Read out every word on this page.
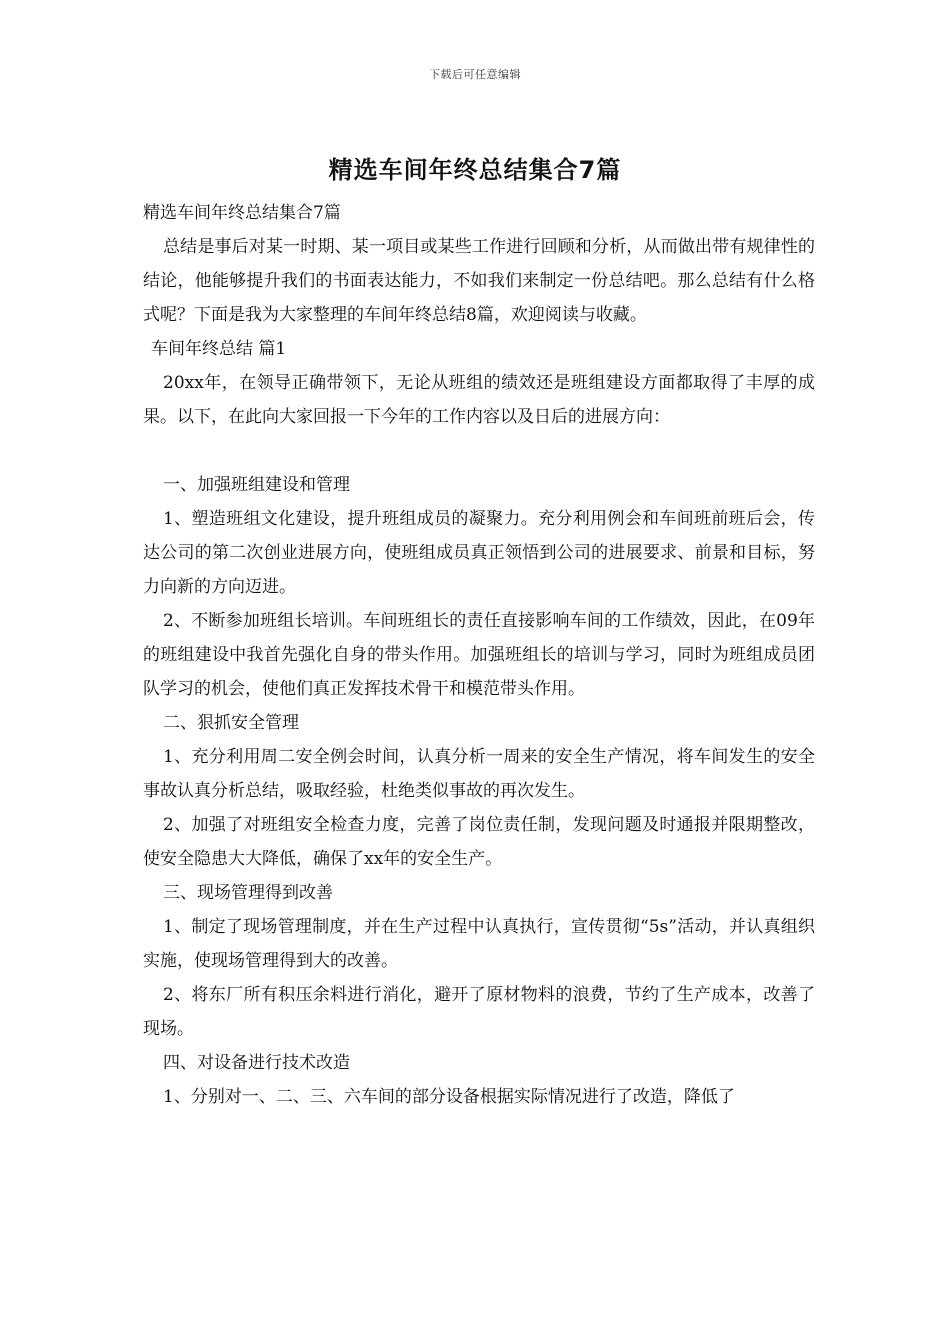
下载后可任意编辑
精选车间年终总结集合7篇

精选车间年终总结集合7篇

总结是事后对某一时期、某一项目或某些工作进行回顾和分析，从而做出带有规律性的结论，他能够提升我们的书面表达能力，不如我们来制定一份总结吧。那么总结有什么格式呢？下面是我为大家整理的车间年终总结8篇，欢迎阅读与收藏。

车间年终总结 篇1

20xx年，在领导正确带领下，无论从班组的绩效还是班组建设方面都取得了丰厚的成果。以下，在此向大家回报一下今年的工作内容以及日后的进展方向：

一、加强班组建设和管理

1、塑造班组文化建设，提升班组成员的凝聚力。充分利用例会和车间班前班后会，传达公司的第二次创业进展方向，使班组成员真正领悟到公司的进展要求、前景和目标，努力向新的方向迈进。

2、不断参加班组长培训。车间班组长的责任直接影响车间的工作绩效，因此，在09年的班组建设中我首先强化自身的带头作用。加强班组长的培训与学习，同时为班组成员团队学习的机会，使他们真正发挥技术骨干和模范带头作用。

二、狠抓安全管理

1、充分利用周二安全例会时间，认真分析一周来的安全生产情况，将车间发生的安全事故认真分析总结，吸取经验，杜绝类似事故的再次发生。

2、加强了对班组安全检查力度，完善了岗位责任制，发现问题及时通报并限期整改，使安全隐患大大降低，确保了xx年的安全生产。

三、现场管理得到改善

1、制定了现场管理制度，并在生产过程中认真执行，宣传贯彻“5s”活动，并认真组织实施，使现场管理得到大的改善。

2、将东厂所有积压余料进行消化，避开了原材物料的浪费，节约了生产成本，改善了现场。

四、对设备进行技术改造

1、分别对一、二、三、六车间的部分设备根据实际情况进行了改造，降低了
